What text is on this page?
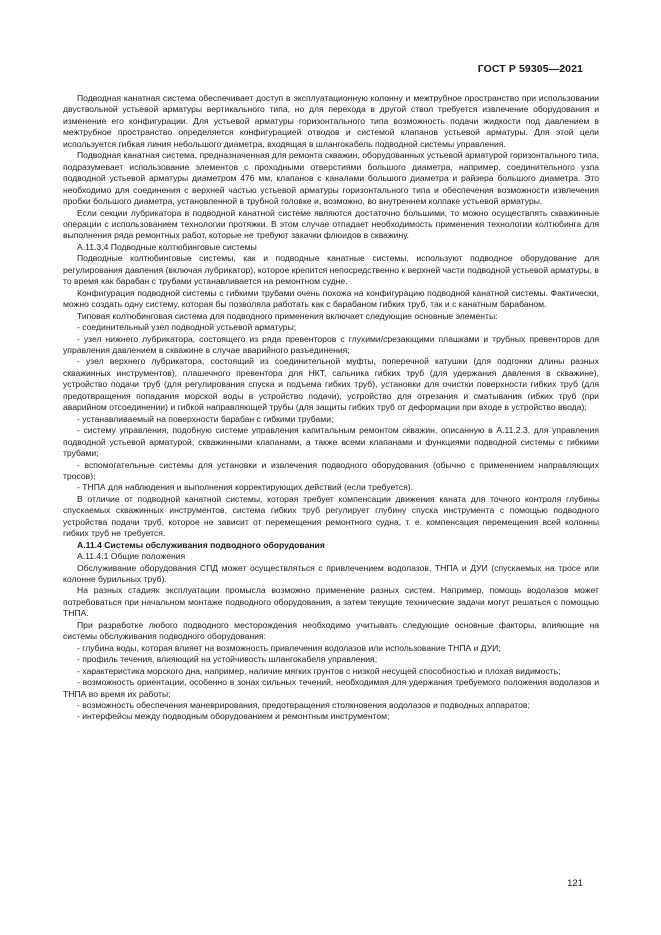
ГОСТ Р 59305—2021

Подводная канатная система обеспечивает доступ в эксплуатационную колонну и межтрубное пространство при использовании двуствольной устьевой арматуры вертикального типа, но для перехода в другой ствол требуется извлечение оборудования и изменение его конфигурации. Для устьевой арматуры горизонтального типа возможность подачи жидкости под давлением в межтрубное пространство определяется конфигурацией отводов и системой клапанов устьевой арматуры. Для этой цели используется гибкая линия небольшого диаметра, входящая в шлангокабель подводной системы управления.

Подводная канатная система, предназначенная для ремонта скважин, оборудованных устьевой арматурой горизонтального типа, подразумевает использование элементов с проходными отверстиями большого диаметра, например, соединительного узла подводной устьевой арматуры диаметром 476 мм, клапанов с каналами большого диаметра и райзера большого диаметра. Это необходимо для соединения с верхней частью устьевой арматуры горизонтального типа и обеспечения возможности извлечения пробки большого диаметра, установленной в трубной головке и, возможно, во внутреннем колпаке устьевой арматуры.

Если секции лубрикатора в подводной канатной системе являются достаточно большими, то можно осуществлять скважинные операции с использованием технологии протяжки. В этом случае отпадает необходимость применения технологии колтюбинга для выполнения ряда ремонтных работ, которые не требуют закачки флюидов в скважину.

А.11.3.4 Подводные колтюбинговые системы

Подводные колтюбинговые системы, как и подводные канатные системы, используют подводное оборудование для регулирования давления (включая лубрикатор), которое крепится непосредственно к верхней части подводной устьевой арматуры, в то время как барабан с трубами устанавливается на ремонтном судне.

Конфигурация подводной системы с гибкими трубами очень похожа на конфигурацию подводной канатной системы. Фактически, можно создать одну систему, которая бы позволяла работать как с барабаном гибких труб, так и с канатным барабаном.

Типовая колтюбинговая система для подводного применения включает следующие основные элементы:

- соединительный узел подводной устьевой арматуры;

- узел нижнего лубрикатора, состоящего из ряда превенторов с глухими/срезающими плашками и трубных превенторов для управления давлением в скважине в случае аварийного разъединения;

- узел верхнего лубрикатора, состоящий из соединительной муфты, поперечной катушки (для подгонки длины разных скважинных инструментов), плашечного превентора для НКТ, сальника гибких труб (для удержания давления в скважине), устройство подачи труб (для регулирования спуска и подъема гибких труб), установки для очистки поверхности гибких труб (для предотвращения попадания морской воды в устройство подачи), устройство для отрезания и сматывания гибких труб (при аварийном отсоединении) и гибкой направляющей трубы (для защиты гибких труб от деформации при входе в устройство ввода);

- устанавливаемый на поверхности барабан с гибкими трубами;

- систему управления, подобную системе управления капитальным ремонтом скважин, описанную в А.11.2.3, для управления подводной устьевой арматурой, скважинными клапанами, а также всеми клапанами и функциями подводной системы с гибкими трубами;

- вспомогательные системы для установки и извлечения подводного оборудования (обычно с применением направляющих тросов);

- ТНПА для наблюдения и выполнения корректирующих действий (если требуется).

В отличие от подводной канатной системы, которая требует компенсации движения каната для точного контроля глубины спускаемых скважинных инструментов, система гибких труб регулирует глубину спуска инструмента с помощью подводного устройства подачи труб, которое не зависит от перемещения ремонтного судна, т. е. компенсация перемещения всей колонны гибких труб не требуется.

А.11.4 Системы обслуживания подводного оборудования

А.11.4.1 Общие положения

Обслуживание оборудования СПД может осуществляться с привлечением водолазов, ТНПА и ДУИ (спускаемых на тросе или колонне бурильных труб).

На разных стадиях эксплуатации промысла возможно применение разных систем. Например, помощь водолазов может потребоваться при начальном монтаже подводного оборудования, а затем текущие технические задачи могут решаться с помощью ТНПА.

При разработке любого подводного месторождения необходимо учитывать следующие основные факторы, влияющие на системы обслуживания подводного оборудования:

- глубина воды, которая влияет на возможность привлечения водолазов или использование ТНПА и ДУИ;

- профиль течения, влияющий на устойчивость шлангокабеля управления;

- характеристика морского дна, например, наличие мягких грунтов с низкой несущей способностью и плохая видимость;

- возможность ориентации, особенно в зонах сильных течений, необходимая для удержания требуемого положения водолазов и ТНПА во время их работы;

- возможность обеспечения маневрирования, предотвращения столкновения водолазов и подводных аппаратов;

- интерфейсы между подводным оборудованием и ремонтным инструментом;

121
